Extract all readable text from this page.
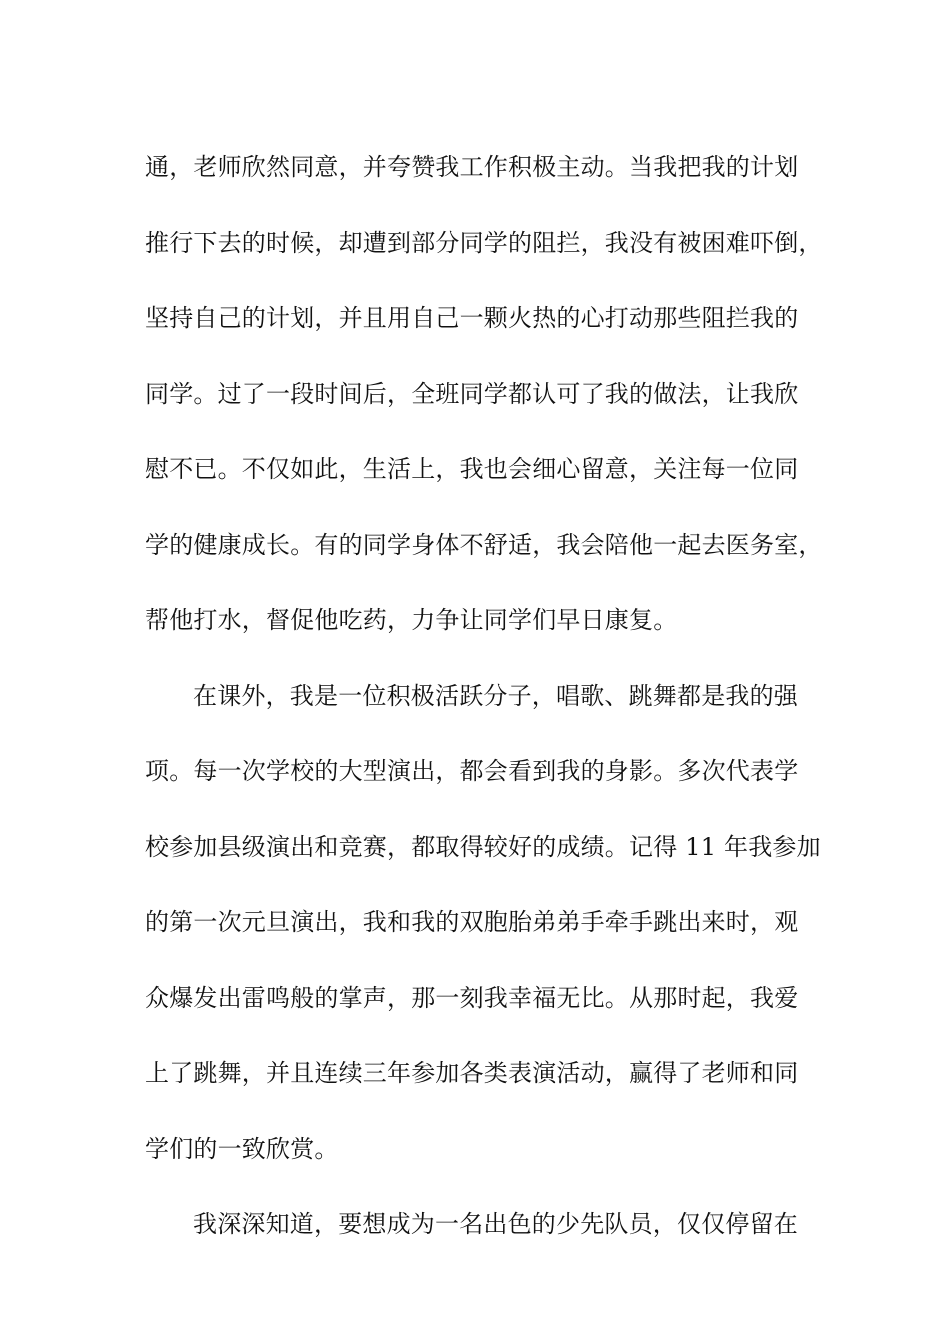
通，老师欣然同意，并夸赞我工作积极主动。当我把我的计划
推行下去的时候，却遭到部分同学的阻拦，我没有被困难吓倒，
坚持自己的计划，并且用自己一颗火热的心打动那些阻拦我的
同学。过了一段时间后，全班同学都认可了我的做法，让我欣
慰不已。不仅如此，生活上，我也会细心留意，关注每一位同
学的健康成长。有的同学身体不舒适，我会陪他一起去医务室，
帮他打水，督促他吃药，力争让同学们早日康复。
在课外，我是一位积极活跃分子，唱歌、跳舞都是我的强
项。每一次学校的大型演出，都会看到我的身影。多次代表学
校参加县级演出和竞赛，都取得较好的成绩。记得 11 年我参加
的第一次元旦演出，我和我的双胞胎弟弟手牵手跳出来时，观
众爆发出雷鸣般的掌声，那一刻我幸福无比。从那时起，我爱
上了跳舞，并且连续三年参加各类表演活动，赢得了老师和同
学们的一致欣赏。
我深深知道，要想成为一名出色的少先队员，仅仅停留在
